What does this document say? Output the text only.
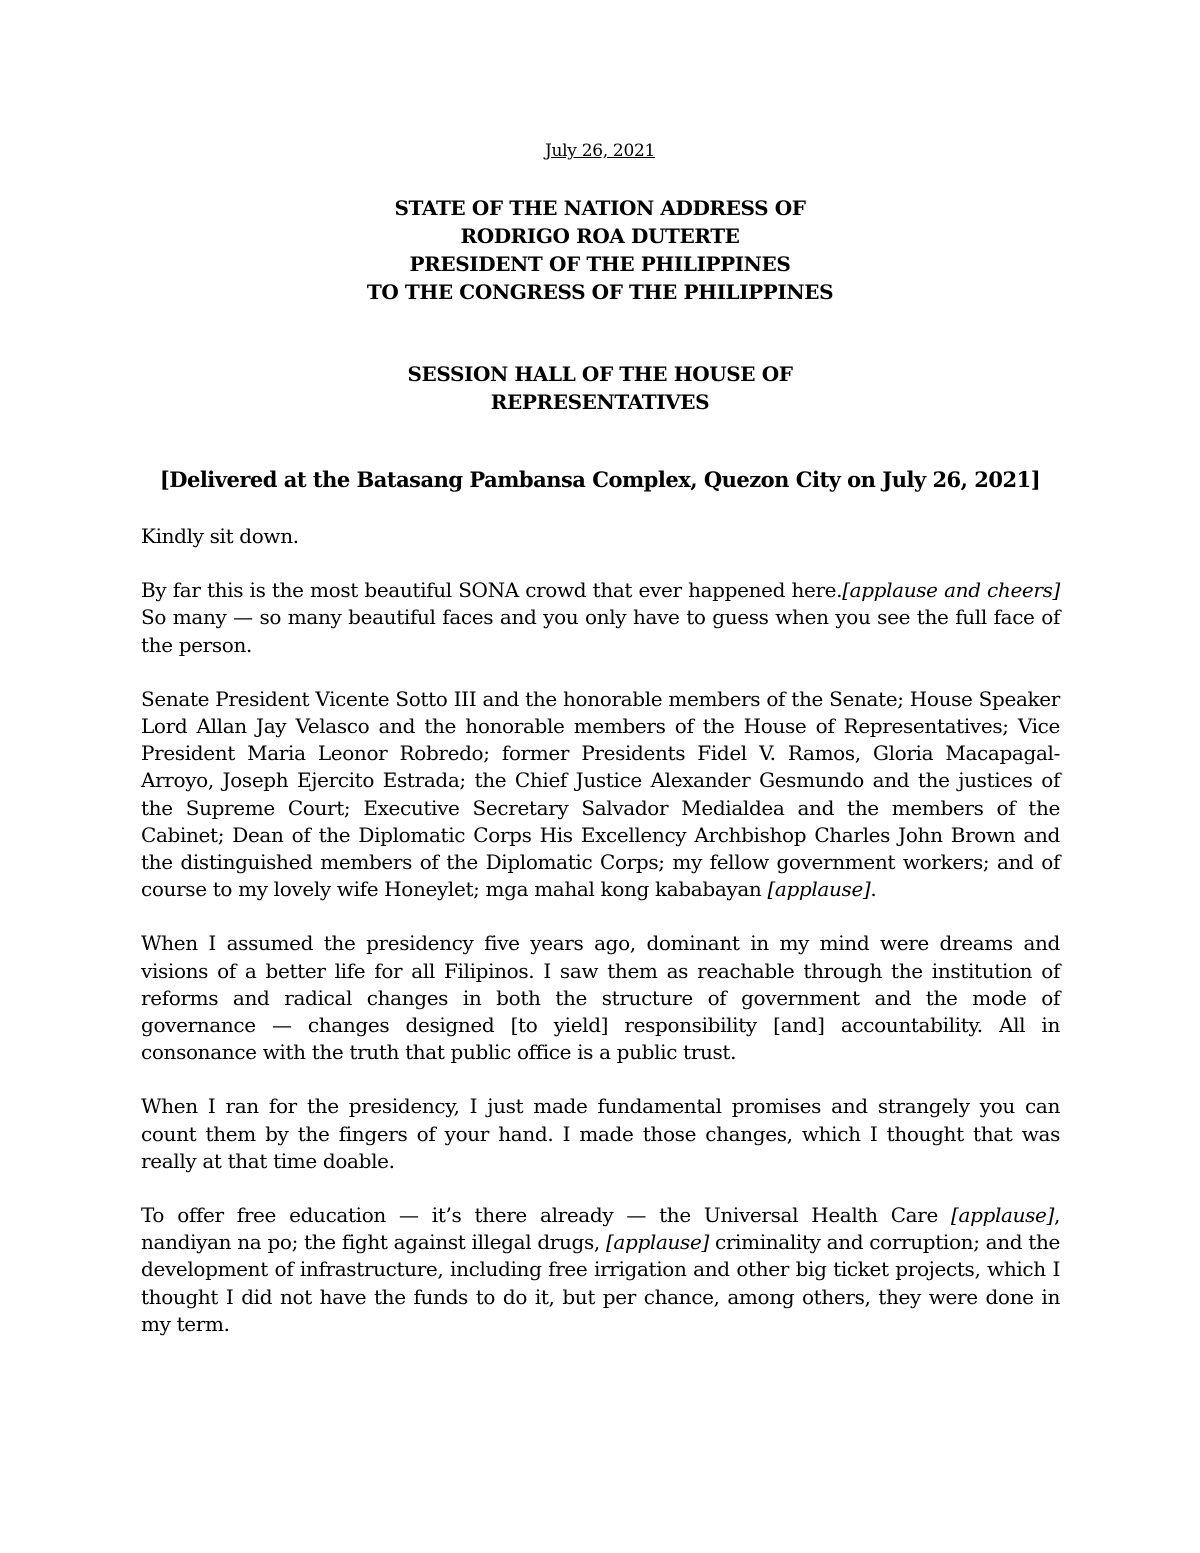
July 26, 2021
STATE OF THE NATION ADDRESS OF
RODRIGO ROA DUTERTE
PRESIDENT OF THE PHILIPPINES
TO THE CONGRESS OF THE PHILIPPINES
SESSION HALL OF THE HOUSE OF
REPRESENTATIVES
[Delivered at the Batasang Pambansa Complex, Quezon City on July 26, 2021]

Kindly sit down.

By far this is the most beautiful SONA crowd that ever happened here.[applause and cheers] So many — so many beautiful faces and you only have to guess when you see the full face of the person.

Senate President Vicente Sotto III and the honorable members of the Senate; House Speaker Lord Allan Jay Velasco and the honorable members of the House of Representatives; Vice President Maria Leonor Robredo; former Presidents Fidel V. Ramos, Gloria Macapagal-Arroyo, Joseph Ejercito Estrada; the Chief Justice Alexander Gesmundo and the justices of the Supreme Court; Executive Secretary Salvador Medialdea and the members of the Cabinet; Dean of the Diplomatic Corps His Excellency Archbishop Charles John Brown and the distinguished members of the Diplomatic Corps; my fellow government workers; and of course to my lovely wife Honeylet; mga mahal kong kababayan [applause].

When I assumed the presidency five years ago, dominant in my mind were dreams and visions of a better life for all Filipinos. I saw them as reachable through the institution of reforms and radical changes in both the structure of government and the mode of governance — changes designed [to yield] responsibility [and] accountability. All in consonance with the truth that public office is a public trust.

When I ran for the presidency, I just made fundamental promises and strangely you can count them by the fingers of your hand. I made those changes, which I thought that was really at that time doable.

To offer free education — it’s there already — the Universal Health Care [applause], nandiyan na po; the fight against illegal drugs, [applause] criminality and corruption; and the development of infrastructure, including free irrigation and other big ticket projects, which I thought I did not have the funds to do it, but per chance, among others, they were done in my term.
